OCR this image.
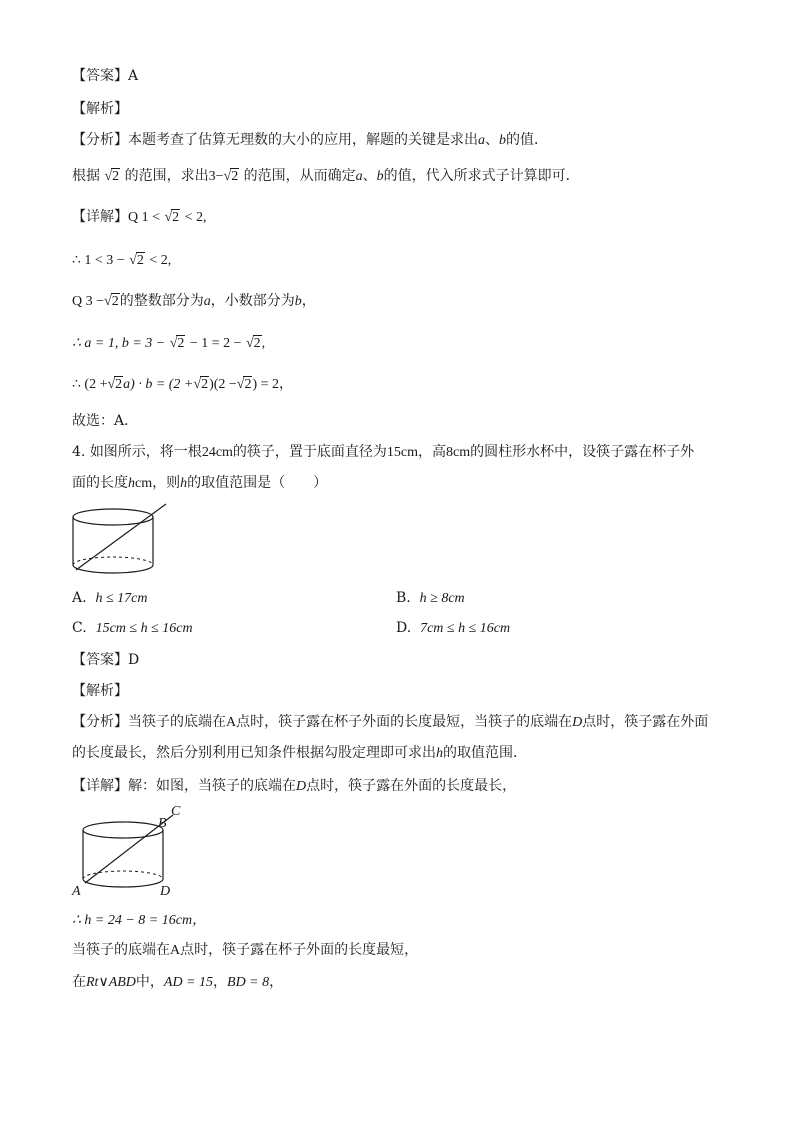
【答案】A
【解析】
【分析】本题考查了估算无理数的大小的应用，解题的关键是求出a、b的值．
根据 √2 的范围，求出3−√2 的范围，从而确定a、b的值，代入所求式子计算即可．
【详解】Q 1 < √2 < 2,
∴ 1 < 3 − √2 < 2,
Q 3 −√2的整数部分为a，小数部分为b，
∴ a = 1, b = 3 − √2 − 1 = 2 − √2,
∴ (2 +√2a) · b = (2 +√2)(2 −√2) = 2，
故选：A．
4. 如图所示，将一根24cm的筷子，置于底面直径为15cm，高8cm的圆柱形水杯中，设筷子露在杯子外
面的长度hcm，则h的取值范围是（　　）
A. h ≤ 17cm	B. h ≥ 8cm
C. 15cm ≤ h ≤ 16cm	D. 7cm ≤ h ≤ 16cm
【答案】D
【解析】
【分析】当筷子的底端在A点时，筷子露在杯子外面的长度最短，当筷子的底端在D点时，筷子露在外面
的长度最长，然后分别利用已知条件根据勾股定理即可求出h的取值范围．
【详解】解：如图，当筷子的底端在D点时，筷子露在外面的长度最长，
A	D
B
C
∴ h = 24 − 8 = 16cm，
当筷子的底端在A点时，筷子露在杯子外面的长度最短，
在Rt∨ABD中，AD = 15，BD = 8，
